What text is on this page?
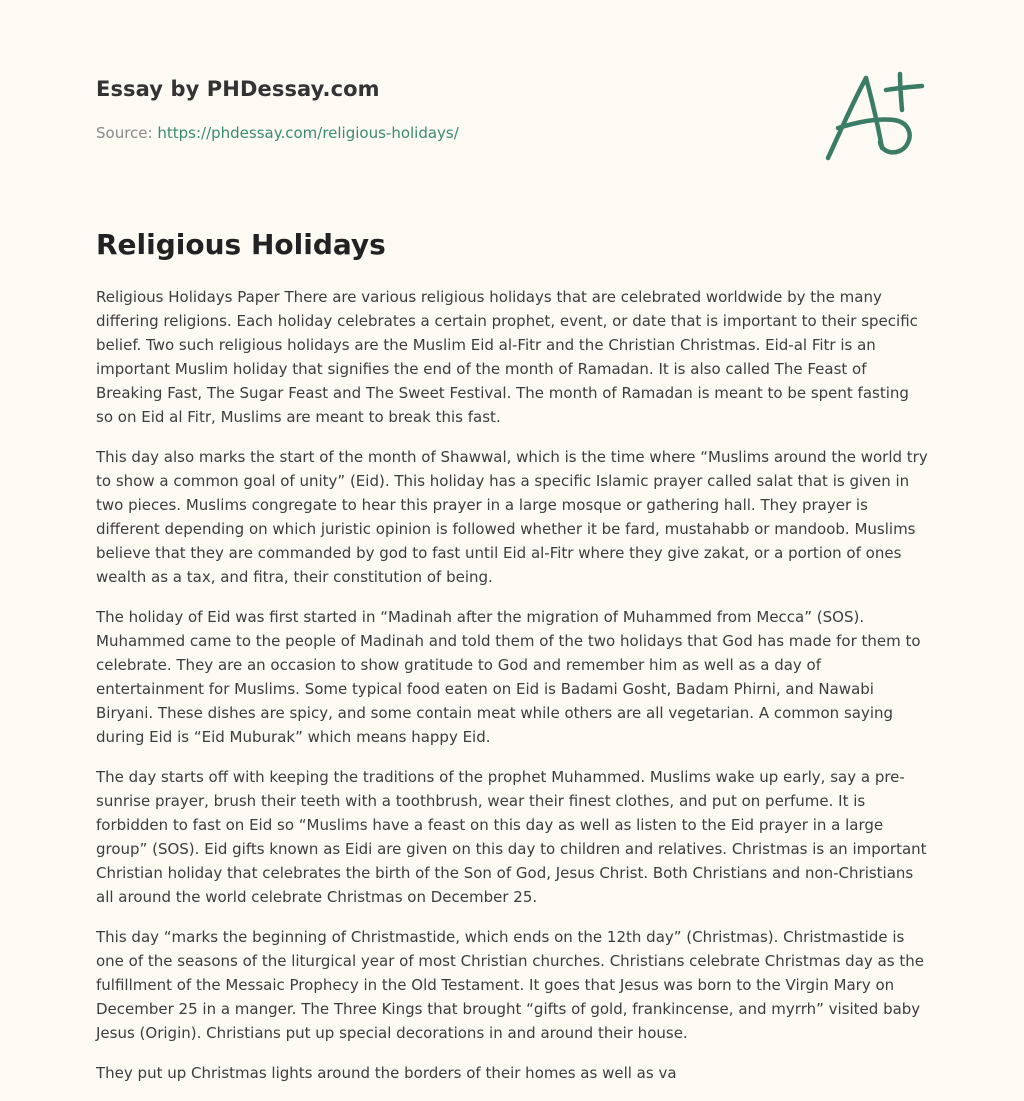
Essay by PHDessay.com
Source: https://phdessay.com/religious-holidays/
Religious Holidays

Religious Holidays Paper There are various religious holidays that are celebrated worldwide by the many differing religions. Each holiday celebrates a certain prophet, event, or date that is important to their specific belief. Two such religious holidays are the Muslim Eid al-Fitr and the Christian Christmas. Eid-al Fitr is an important Muslim holiday that signifies the end of the month of Ramadan. It is also called The Feast of Breaking Fast, The Sugar Feast and The Sweet Festival. The month of Ramadan is meant to be spent fasting so on Eid al Fitr, Muslims are meant to break this fast.

This day also marks the start of the month of Shawwal, which is the time where “Muslims around the world try to show a common goal of unity” (Eid). This holiday has a specific Islamic prayer called salat that is given in two pieces. Muslims congregate to hear this prayer in a large mosque or gathering hall. They prayer is different depending on which juristic opinion is followed whether it be fard, mustahabb or mandoob. Muslims believe that they are commanded by god to fast until Eid al-Fitr where they give zakat, or a portion of ones wealth as a tax, and fitra, their constitution of being.

The holiday of Eid was first started in “Madinah after the migration of Muhammed from Mecca” (SOS). Muhammed came to the people of Madinah and told them of the two holidays that God has made for them to celebrate. They are an occasion to show gratitude to God and remember him as well as a day of entertainment for Muslims. Some typical food eaten on Eid is Badami Gosht, Badam Phirni, and Nawabi Biryani. These dishes are spicy, and some contain meat while others are all vegetarian. A common saying during Eid is “Eid Muburak” which means happy Eid.

The day starts off with keeping the traditions of the prophet Muhammed. Muslims wake up early, say a pre-sunrise prayer, brush their teeth with a toothbrush, wear their finest clothes, and put on perfume. It is forbidden to fast on Eid so “Muslims have a feast on this day as well as listen to the Eid prayer in a large group” (SOS). Eid gifts known as Eidi are given on this day to children and relatives. Christmas is an important Christian holiday that celebrates the birth of the Son of God, Jesus Christ. Both Christians and non-Christians all around the world celebrate Christmas on December 25.

This day “marks the beginning of Christmastide, which ends on the 12th day” (Christmas). Christmastide is one of the seasons of the liturgical year of most Christian churches. Christians celebrate Christmas day as the fulfillment of the Messaic Prophecy in the Old Testament. It goes that Jesus was born to the Virgin Mary on December 25 in a manger. The Three Kings that brought “gifts of gold, frankincense, and myrrh” visited baby Jesus (Origin). Christians put up special decorations in and around their house.

They put up Christmas lights around the borders of their homes as well as va
